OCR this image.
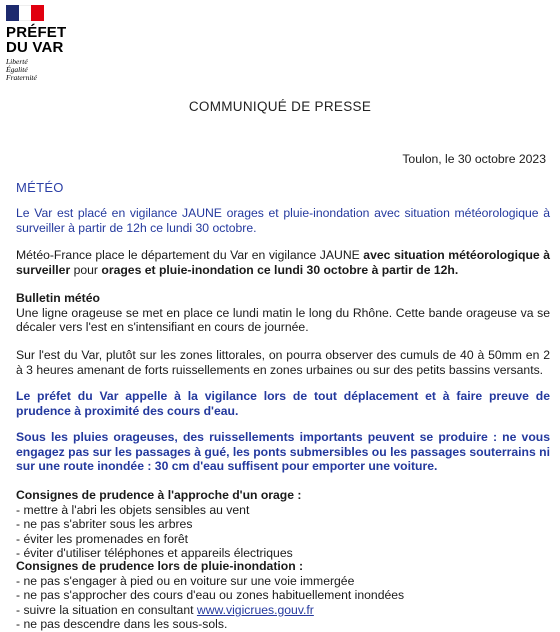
PRÉFET
DU VAR
Liberté
Égalité
Fraternité
COMMUNIQUÉ DE PRESSE
Toulon, le 30 octobre 2023
MÉTÉO

Le Var est placé en vigilance JAUNE orages et pluie-inondation avec situation météorologique à surveiller à partir de 12h ce lundi 30 octobre.

Météo-France place le département du Var en vigilance JAUNE avec situation météorologique à surveiller pour orages et pluie-inondation ce lundi 30 octobre à partir de 12h.

Bulletin météo

Une ligne orageuse se met en place ce lundi matin le long du Rhône. Cette bande orageuse va se décaler vers l'est en s'intensifiant en cours de journée.

Sur l'est du Var, plutôt sur les zones littorales, on pourra observer des cumuls de 40 à 50mm en 2 à 3 heures amenant de forts ruissellements en zones urbaines ou sur des petits bassins versants.

Le préfet du Var appelle à la vigilance lors de tout déplacement et à faire preuve de prudence à proximité des cours d'eau.

Sous les pluies orageuses, des ruissellements importants peuvent se produire : ne vous engagez pas sur les passages à gué, les ponts submersibles ou les passages souterrains ni sur une route inondée : 30 cm d'eau suffisent pour emporter une voiture.

Consignes de prudence à l'approche d'un orage :

- mettre à l'abri les objets sensibles au vent
- ne pas s'abriter sous les arbres
- éviter les promenades en forêt
- éviter d'utiliser téléphones et appareils électriques

Consignes de prudence lors de pluie-inondation :

- ne pas s'engager à pied ou en voiture sur une voie immergée
- ne pas s'approcher des cours d'eau ou zones habituellement inondées
- suivre la situation en consultant www.vigicrues.gouv.fr
- ne pas descendre dans les sous-sols.
